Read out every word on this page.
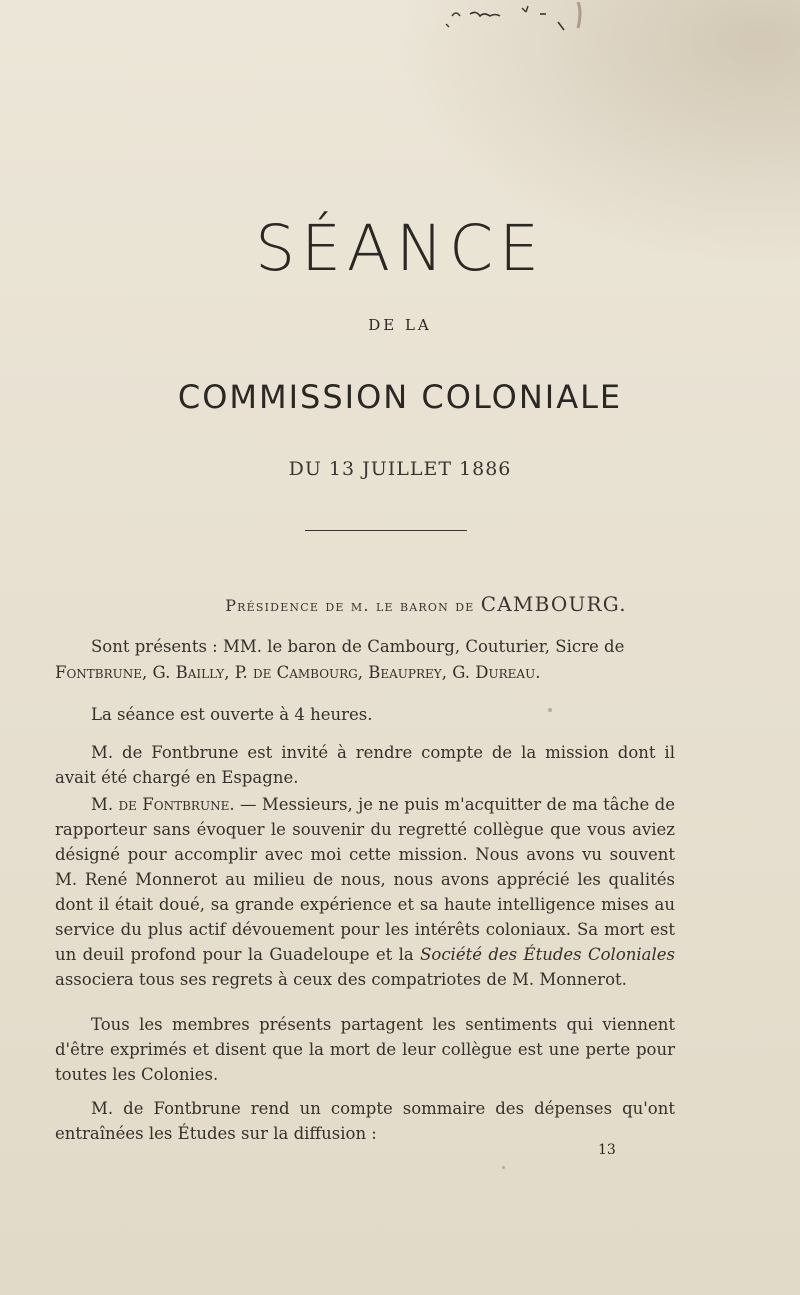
SÉANCE
DE LA
COMMISSION COLONIALE
DU 13 JUILLET 1886
Présidence de m. le baron de CAMBOURG.
Sont présents : MM. le baron de Cambourg, Couturier, Sicre de
Fontbrune, G. Bailly, P. de Cambourg, Beauprey, G. Dureau.
La séance est ouverte à 4 heures.
M. de Fontbrune est invité à rendre compte de la mission dont il avait été chargé en Espagne.
M. de Fontbrune. — Messieurs, je ne puis m'acquitter de ma tâche de rapporteur sans évoquer le souvenir du regretté collègue que vous aviez désigné pour accomplir avec moi cette mission. Nous avons vu souvent M. René Monnerot au milieu de nous, nous avons apprécié les qualités dont il était doué, sa grande expérience et sa haute intelligence mises au service du plus actif dévouement pour les intérêts coloniaux. Sa mort est un deuil profond pour la Guadeloupe et la Société des Études Coloniales associera tous ses regrets à ceux des compatriotes de M. Monnerot.
Tous les membres présents partagent les sentiments qui viennent d'être exprimés et disent que la mort de leur collègue est une perte pour toutes les Colonies.
M. de Fontbrune rend un compte sommaire des dépenses qu'ont entraînées les Études sur la diffusion :
13
